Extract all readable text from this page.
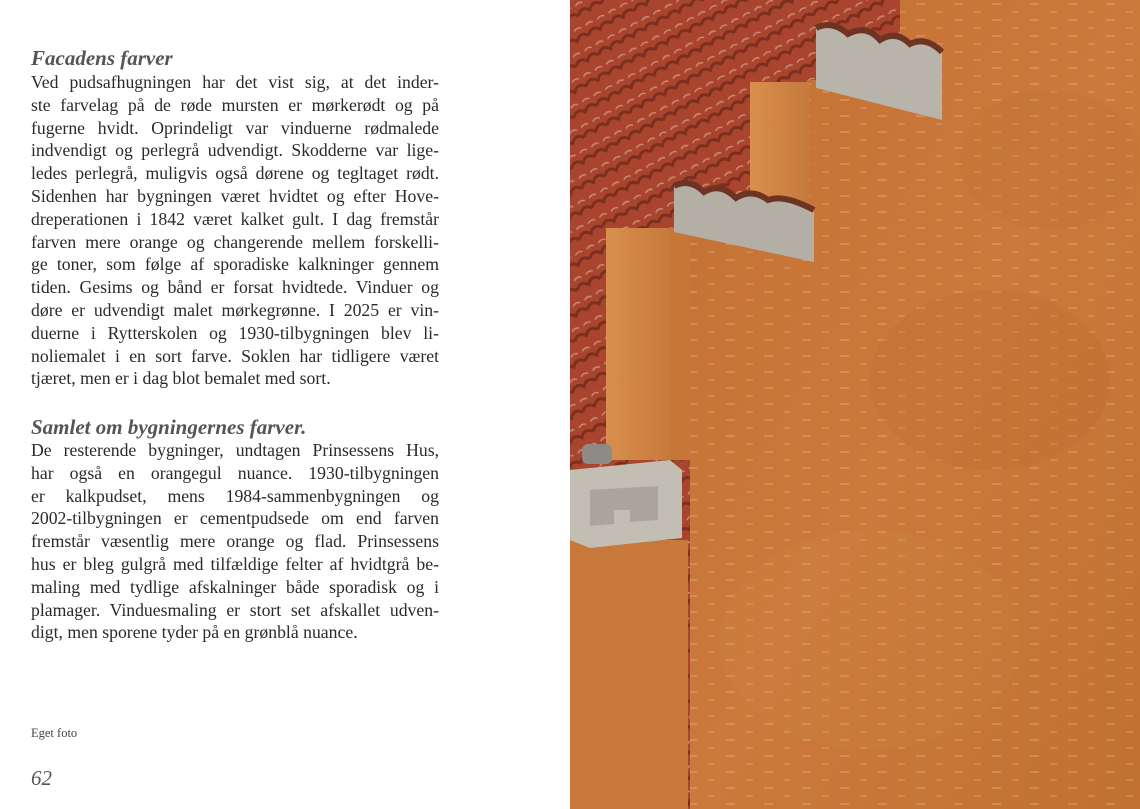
Facadens farver

Ved pudsafhugningen har det vist sig, at det inder-
ste farvelag på de røde mursten er mørkerødt og på
fugerne hvidt. Oprindeligt var vinduerne rødmalede
indvendigt og perlegrå udvendigt. Skodderne var lige-
ledes perlegrå, muligvis også dørene og tegltaget rødt.
Sidenhen har bygningen været hvidtet og efter Hove-
dreperationen i 1842 været kalket gult. I dag fremstår
farven mere orange og changerende mellem forskelli-
ge toner, som følge af sporadiske kalkninger gennem
tiden. Gesims og bånd er forsat hvidtede. Vinduer og
døre er udvendigt malet mørkegrønne. I 2025 er vin-
duerne i Rytterskolen og 1930-tilbygningen blev li-
noliemalet i en sort farve. Soklen har tidligere været
tjæret, men er i dag blot bemalet med sort.

Samlet om bygningernes farver.

De resterende bygninger, undtagen Prinsessens Hus,
har også en orangegul nuance. 1930-tilbygningen
er kalkpudset, mens 1984-sammenbygningen og
2002-tilbygningen er cementpudsede om end farven
fremstår væsentlig mere orange og flad. Prinsessens
hus er bleg gulgrå med tilfældige felter af hvidtgrå be-
maling med tydlige afskalninger både sporadisk og i
plamager. Vinduesmaling er stort set afskallet udven-
digt, men sporene tyder på en grønblå nuance.

Eget foto

62
